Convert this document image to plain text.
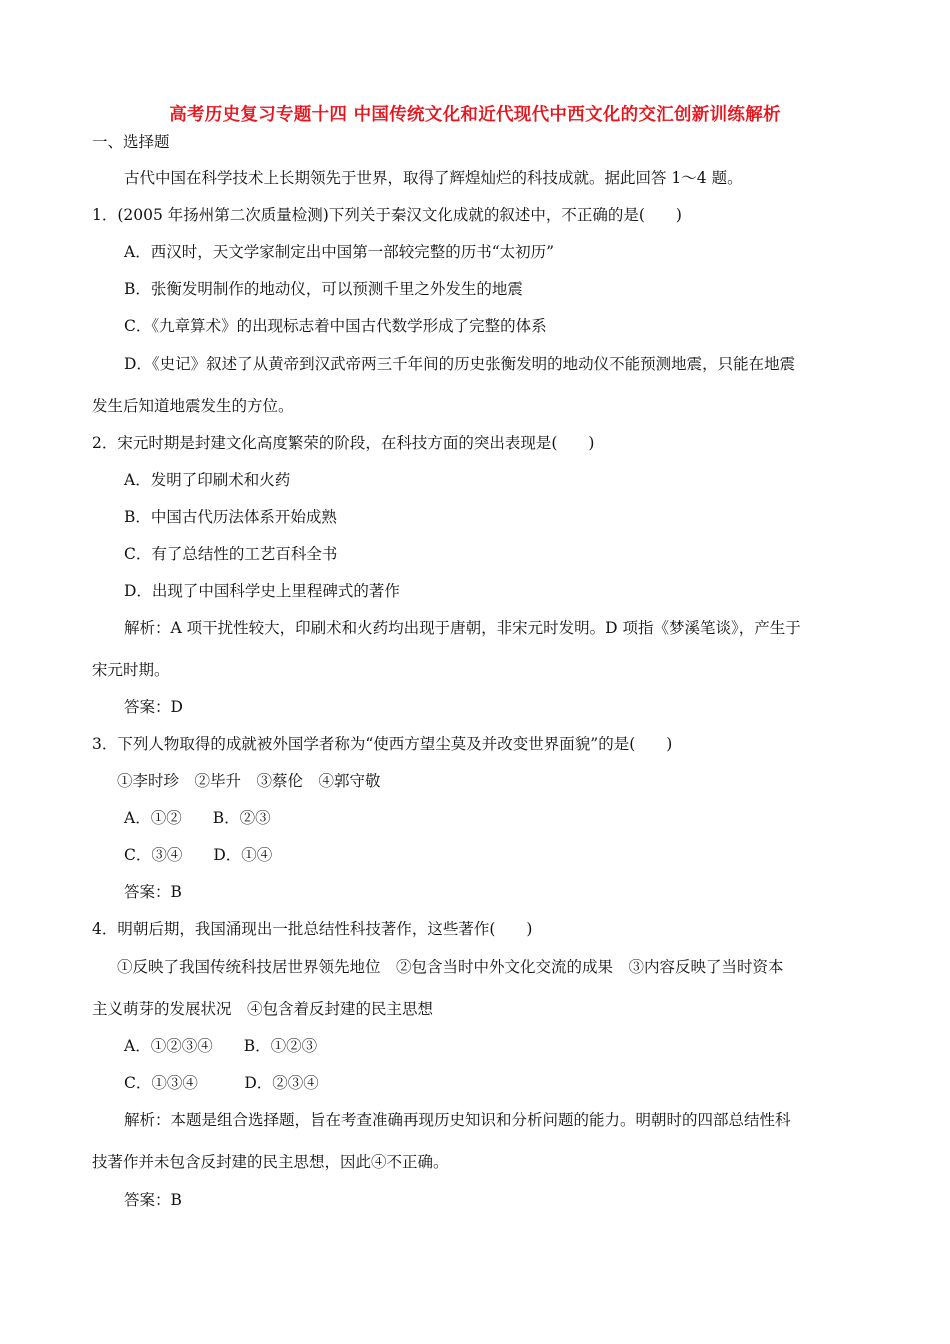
高考历史复习专题十四 中国传统文化和近代现代中西文化的交汇创新训练解析
一、选择题
古代中国在科学技术上长期领先于世界，取得了辉煌灿烂的科技成就。据此回答 1～4 题。
1．(2005 年扬州第二次质量检测)下列关于秦汉文化成就的叙述中，不正确的是(　　)
A．西汉时，天文学家制定出中国第一部较完整的历书“太初历”
B．张衡发明制作的地动仪，可以预测千里之外发生的地震
C．《九章算术》的出现标志着中国古代数学形成了完整的体系
D．《史记》叙述了从黄帝到汉武帝两三千年间的历史张衡发明的地动仪不能预测地震，只能在地震
发生后知道地震发生的方位。
2．宋元时期是封建文化高度繁荣的阶段，在科技方面的突出表现是(　　)
A．发明了印刷术和火药
B．中国古代历法体系开始成熟
C．有了总结性的工艺百科全书
D．出现了中国科学史上里程碑式的著作
解析：A 项干扰性较大，印刷术和火药均出现于唐朝，非宋元时发明。D 项指《梦溪笔谈》，产生于
宋元时期。
答案：D
3．下列人物取得的成就被外国学者称为“使西方望尘莫及并改变世界面貌”的是(　　)
①李时珍　②毕升　③蔡伦　④郭守敬
A．①②　　B．②③
C．③④　　D．①④
答案：B
4．明朝后期，我国涌现出一批总结性科技著作，这些著作(　　)
①反映了我国传统科技居世界领先地位　②包含当时中外文化交流的成果　③内容反映了当时资本
主义萌芽的发展状况　④包含着反封建的民主思想
A．①②③④　　B．①②③
C．①③④　　　D．②③④
解析：本题是组合选择题，旨在考查准确再现历史知识和分析问题的能力。明朝时的四部总结性科
技著作并未包含反封建的民主思想，因此④不正确。
答案：B
